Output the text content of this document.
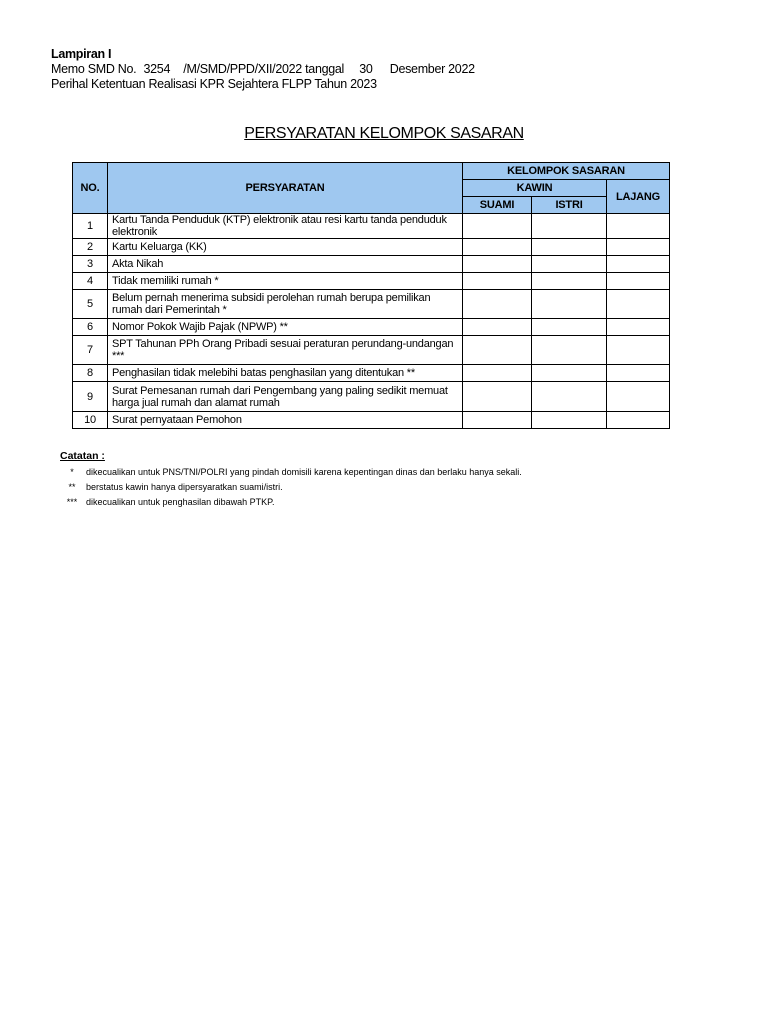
Lampiran I
Memo SMD No. 3254 /M/SMD/PPD/XII/2022 tanggal 30 Desember 2022
Perihal Ketentuan Realisasi KPR Sejahtera FLPP Tahun 2023
PERSYARATAN KELOMPOK SASARAN
NO.	PERSYARATAN	KELOMPOK SASARAN		
		KAWIN		LAJANG
		SUAMI	ISTRI	
1	Kartu Tanda Penduduk (KTP) elektronik atau resi kartu tanda penduduk elektronik			
2	Kartu Keluarga (KK)			
3	Akta Nikah			
4	Tidak memiliki rumah *			
5	Belum pernah menerima subsidi perolehan rumah berupa pemilikan rumah dari Pemerintah *			
6	Nomor Pokok Wajib Pajak (NPWP) **			
7	SPT Tahunan PPh Orang Pribadi sesuai peraturan perundang-undangan ***			
8	Penghasilan tidak melebihi batas penghasilan yang ditentukan **			
9	Surat Pemesanan rumah dari Pengembang yang paling sedikit memuat harga jual rumah dan alamat rumah			
10	Surat pernyataan Pemohon			
Catatan :
*	dikecualikan untuk PNS/TNI/POLRI yang pindah domisili karena kepentingan dinas dan berlaku hanya sekali.
**	berstatus kawin hanya dipersyaratkan suami/istri.
*** dikecualikan untuk penghasilan dibawah PTKP.
